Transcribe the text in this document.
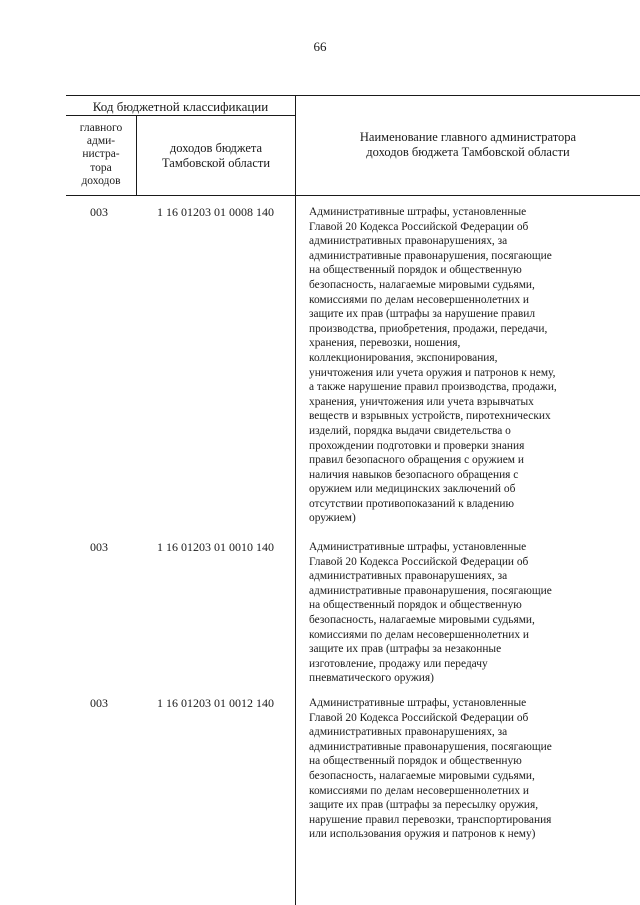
66
Код бюджетной классификации
главного
адми-
нистра-
тора
доходов
доходов бюджета
Тамбовской области
Наименование главного администратора
доходов бюджета Тамбовской области
003	1 16 01203 01 0008 140	Административные штрафы, установленные
Главой 20 Кодекса Российской Федерации об
административных правонарушениях, за
административные правонарушения, посягающие
на общественный порядок и общественную
безопасность, налагаемые мировыми судьями,
комиссиями по делам несовершеннолетних и
защите их прав (штрафы за нарушение правил
производства, приобретения, продажи, передачи,
хранения, перевозки, ношения,
коллекционирования, экспонирования,
уничтожения или учета оружия и патронов к нему,
а также нарушение правил производства, продажи,
хранения, уничтожения или учета взрывчатых
веществ и взрывных устройств, пиротехнических
изделий, порядка выдачи свидетельства о
прохождении подготовки и проверки знания
правил безопасного обращения с оружием и
наличия навыков безопасного обращения с
оружием или медицинских заключений об
отсутствии противопоказаний к владению
оружием)
003	1 16 01203 01 0010 140	Административные штрафы, установленные
Главой 20 Кодекса Российской Федерации об
административных правонарушениях, за
административные правонарушения, посягающие
на общественный порядок и общественную
безопасность, налагаемые мировыми судьями,
комиссиями по делам несовершеннолетних и
защите их прав (штрафы за незаконные
изготовление, продажу или передачу
пневматического оружия)
003	1 16 01203 01 0012 140	Административные штрафы, установленные
Главой 20 Кодекса Российской Федерации об
административных правонарушениях, за
административные правонарушения, посягающие
на общественный порядок и общественную
безопасность, налагаемые мировыми судьями,
комиссиями по делам несовершеннолетних и
защите их прав (штрафы за пересылку оружия,
нарушение правил перевозки, транспортирования
или использования оружия и патронов к нему)
